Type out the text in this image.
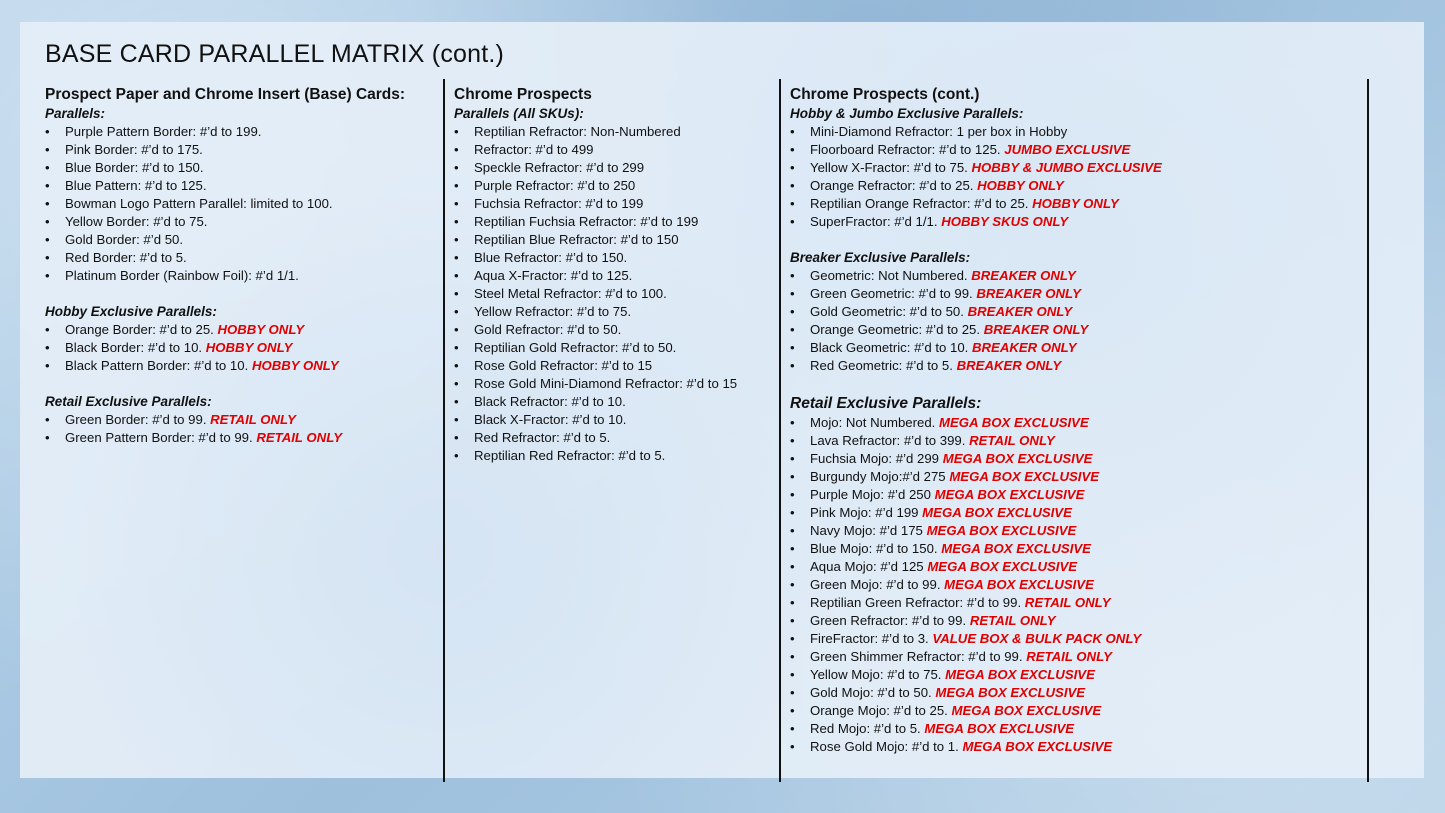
BASE CARD PARALLEL MATRIX (cont.)
Prospect Paper and Chrome Insert (Base) Cards:
Parallels:
• Purple Pattern Border: #’d to 199.
• Pink Border: #’d to 175.
• Blue Border: #’d to 150.
• Blue Pattern: #’d to 125.
• Bowman Logo Pattern Parallel: limited to 100.
• Yellow Border: #’d to 75.
• Gold Border: #’d 50.
• Red Border: #’d to 5.
• Platinum Border (Rainbow Foil): #’d 1/1.
Hobby Exclusive Parallels:
• Orange Border: #’d to 25. HOBBY ONLY
• Black Border: #’d to 10. HOBBY ONLY
• Black Pattern Border: #’d to 10. HOBBY ONLY
Retail Exclusive Parallels:
• Green Border: #’d to 99. RETAIL ONLY
• Green Pattern Border: #’d to 99. RETAIL ONLY
Chrome Prospects
Parallels (All SKUs):
• Reptilian Refractor: Non-Numbered
• Refractor: #’d to 499
• Speckle Refractor: #’d to 299
• Purple Refractor: #’d to 250
• Fuchsia Refractor: #’d to 199
• Reptilian Fuchsia Refractor: #’d to 199
• Reptilian Blue Refractor: #’d to 150
• Blue Refractor: #’d to 150.
• Aqua X-Fractor: #’d to 125.
• Steel Metal Refractor: #’d to 100.
• Yellow Refractor: #’d to 75.
• Gold Refractor: #’d to 50.
• Reptilian Gold Refractor: #’d to 50.
• Rose Gold Refractor: #’d to 15
• Rose Gold Mini-Diamond Refractor: #’d to 15
• Black Refractor: #’d to 10.
• Black X-Fractor: #’d to 10.
• Red Refractor: #’d to 5.
• Reptilian Red Refractor: #’d to 5.
Chrome Prospects (cont.)
Hobby & Jumbo Exclusive Parallels:
• Mini-Diamond Refractor: 1 per box in Hobby
• Floorboard Refractor: #’d to 125. JUMBO EXCLUSIVE
• Yellow X-Fractor: #’d to 75. HOBBY & JUMBO EXCLUSIVE
• Orange Refractor: #’d to 25. HOBBY ONLY
• Reptilian Orange Refractor: #’d to 25. HOBBY ONLY
• SuperFractor: #’d 1/1. HOBBY SKUS ONLY
Breaker Exclusive Parallels:
• Geometric: Not Numbered. BREAKER ONLY
• Green Geometric: #’d to 99. BREAKER ONLY
• Gold Geometric: #’d to 50. BREAKER ONLY
• Orange Geometric: #’d to 25. BREAKER ONLY
• Black Geometric: #’d to 10. BREAKER ONLY
• Red Geometric: #’d to 5. BREAKER ONLY
Retail Exclusive Parallels:
• Mojo: Not Numbered. MEGA BOX EXCLUSIVE
• Lava Refractor: #’d to 399. RETAIL ONLY
• Fuchsia Mojo: #’d 299 MEGA BOX EXCLUSIVE
• Burgundy Mojo:#’d 275 MEGA BOX EXCLUSIVE
• Purple Mojo: #’d 250 MEGA BOX EXCLUSIVE
• Pink Mojo: #’d 199 MEGA BOX EXCLUSIVE
• Navy Mojo: #’d 175 MEGA BOX EXCLUSIVE
• Blue Mojo: #’d to 150. MEGA BOX EXCLUSIVE
• Aqua Mojo: #’d 125 MEGA BOX EXCLUSIVE
• Green Mojo: #’d to 99. MEGA BOX EXCLUSIVE
• Reptilian Green Refractor: #’d to 99. RETAIL ONLY
• Green Refractor: #’d to 99. RETAIL ONLY
• FireFractor: #’d to 3. VALUE BOX & BULK PACK ONLY
• Green Shimmer Refractor: #’d to 99. RETAIL ONLY
• Yellow Mojo: #’d to 75. MEGA BOX EXCLUSIVE
• Gold Mojo: #’d to 50. MEGA BOX EXCLUSIVE
• Orange Mojo: #’d to 25. MEGA BOX EXCLUSIVE
• Red Mojo: #’d to 5. MEGA BOX EXCLUSIVE
• Rose Gold Mojo: #’d to 1. MEGA BOX EXCLUSIVE
